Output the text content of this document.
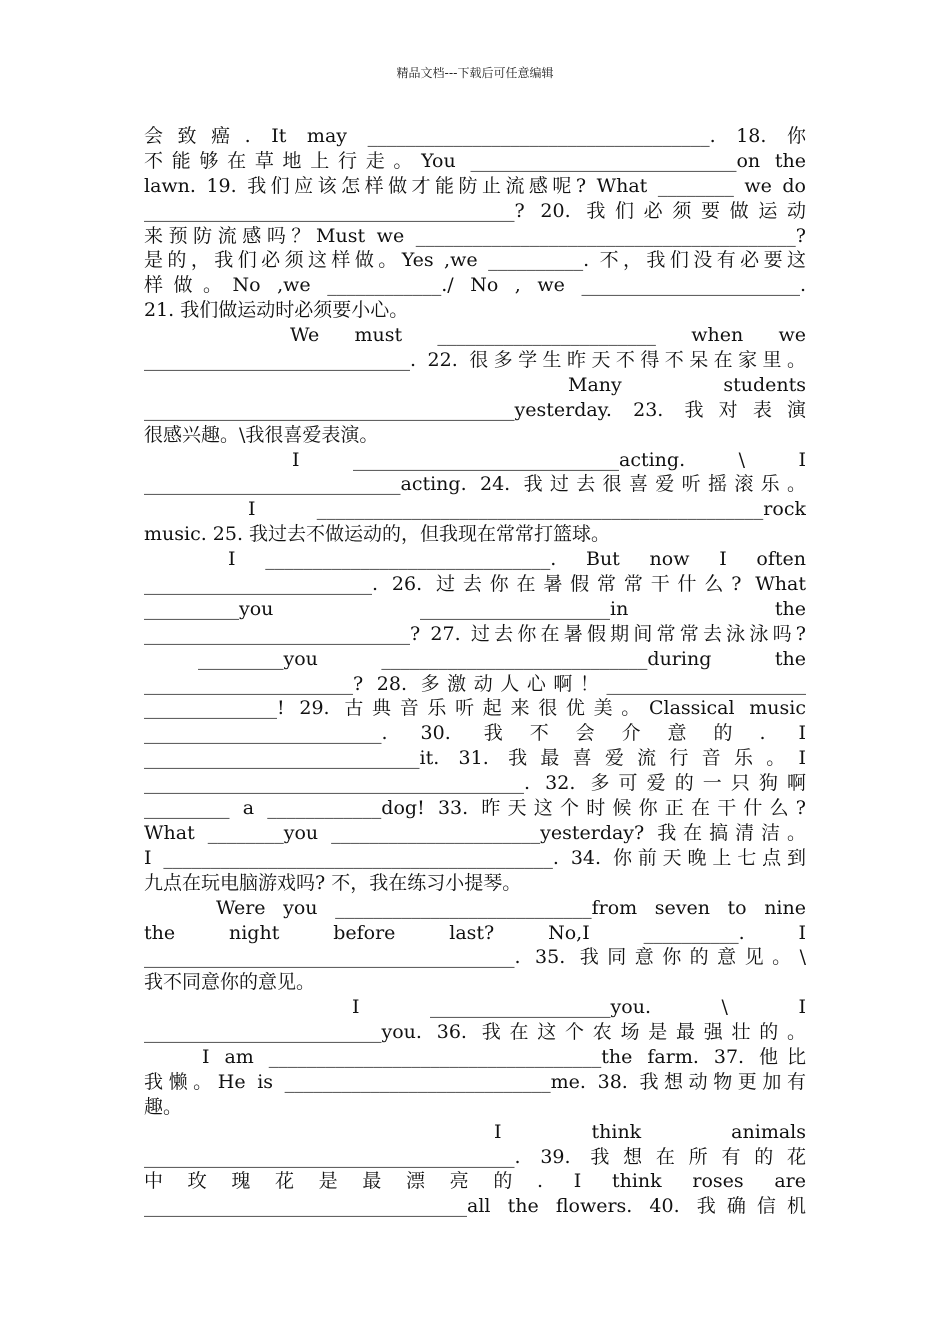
精品文档---下载后可任意编辑
会致癌. It may ____________________________________. 18. 你
不能够在草地上行走。You ____________________________on the
lawn. 19. 我们应该怎样做才能防止流感呢? What ________ we do
_______________________________________? 20. 我们必须要做运动
来预防流感吗？Must we ________________________________________?
是的，我们必须这样做。Yes ,we __________. 不，我们没有必要这
样做。No ,we ____________./ No , we _______________________.
21. 我们做运动时必须要小心。
We must _______________________ when we
____________________________. 22. 很多学生昨天不得不呆在家里。
Many students
_______________________________________yesterday. 23. 我对表演
很感兴趣。\我很喜爱表演。
I ____________________________acting. \ I
___________________________acting. 24. 我过去很喜爱听摇滚乐。
I _______________________________________________rock
music. 25. 我过去不做运动的，但我现在常常打篮球。
I ______________________________. But now I often
________________________. 26. 过去你在暑假常常干什么? What
__________you ____________________in the
____________________________? 27. 过去你在暑假期间常常去泳泳吗?
_________you ____________________________during the
______________________? 28. 多激动人心啊！_____________________
______________! 29. 古典音乐听起来很优美。Classical music
_________________________. 30. 我不会介意的. I
_____________________________it. 31. 我最喜爱流行音乐。I
________________________________________. 32. 多可爱的一只狗啊
_________ a ____________dog! 33. 昨天这个时候你正在干什么?
What ________you ______________________yesterday? 我在搞清洁。
I _________________________________________. 34. 你前天晚上七点到
九点在玩电脑游戏吗? 不，我在练习小提琴。
Were you ___________________________from seven to nine
the night before last? No,I __________. I
_______________________________________. 35. 我同意你的意见。\
我不同意你的意见。
I ___________________you. \ I
_________________________you. 36. 我在这个农场是最强壮的。
I am ___________________________________the farm. 37. 他比
我懒。He is ____________________________me. 38. 我想动物更加有
趣。
I think animals
_______________________________________. 39. 我想在所有的花
中玫瑰花是最漂亮的. I think roses are
__________________________________all the flowers. 40. 我确信机
